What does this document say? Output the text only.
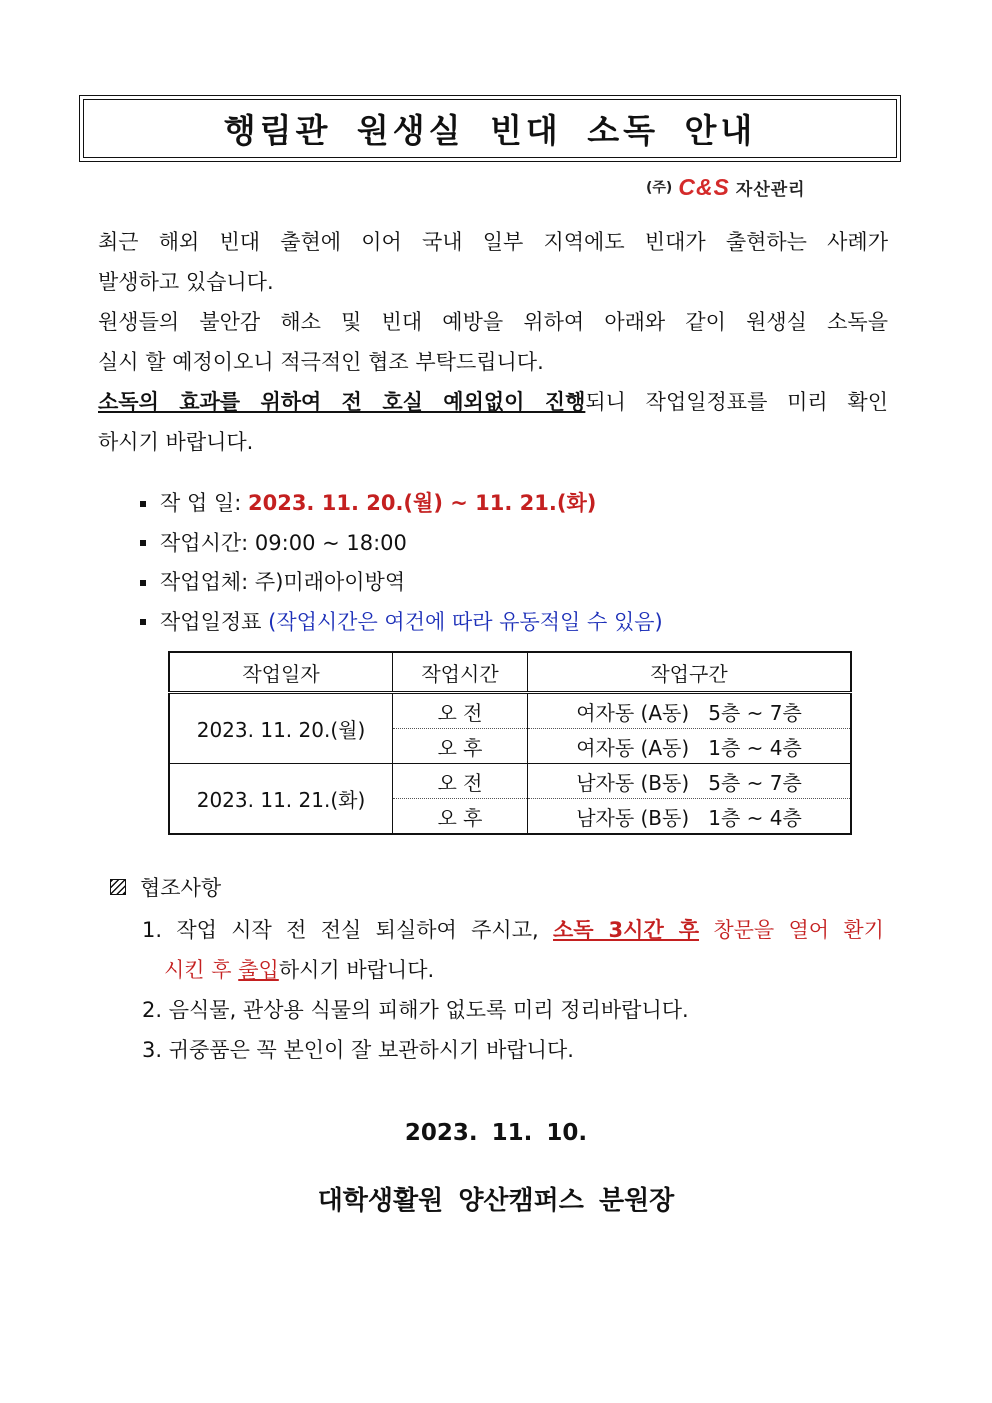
행림관 원생실 빈대 소독 안내
(주) C&S 자산관리
최근 해외 빈대 출현에 이어 국내 일부 지역에도 빈대가 출현하는 사례가
발생하고 있습니다.
원생들의 불안감 해소 및 빈대 예방을 위하여 아래와 같이 원생실 소독을
실시 할 예정이오니 적극적인 협조 부탁드립니다.
소독의 효과를 위하여 전 호실 예외없이 진행되니 작업일정표를 미리 확인
하시기 바랍니다.
작 업 일:
2023. 11. 20.(월) ~ 11. 21.(화)
작업시간:
09:00 ~ 18:00
작업업체:
주)미래아이방역
작업일정표
(작업시간은 여건에 따라 유동적일 수 있음)
작업일자	작업시간	작업구간
2023. 11. 20.(월)	오 전	여자동 (A동)   5층 ~ 7층
	오 후	여자동 (A동)   1층 ~ 4층
2023. 11. 21.(화)	오 전	남자동 (B동)   5층 ~ 7층
	오 후	남자동 (B동)   1층 ~ 4층
협조사항
1. 작업 시작 전 전실 퇴실하여 주시고, 소독 3시간 후 창문을 열어 환기
시킨 후 출입하시기 바랍니다.
2. 음식물, 관상용 식물의 피해가 없도록 미리 정리바랍니다.
3. 귀중품은 꼭 본인이 잘 보관하시기 바랍니다.
2023. 11. 10.
대학생활원 양산캠퍼스 분원장
